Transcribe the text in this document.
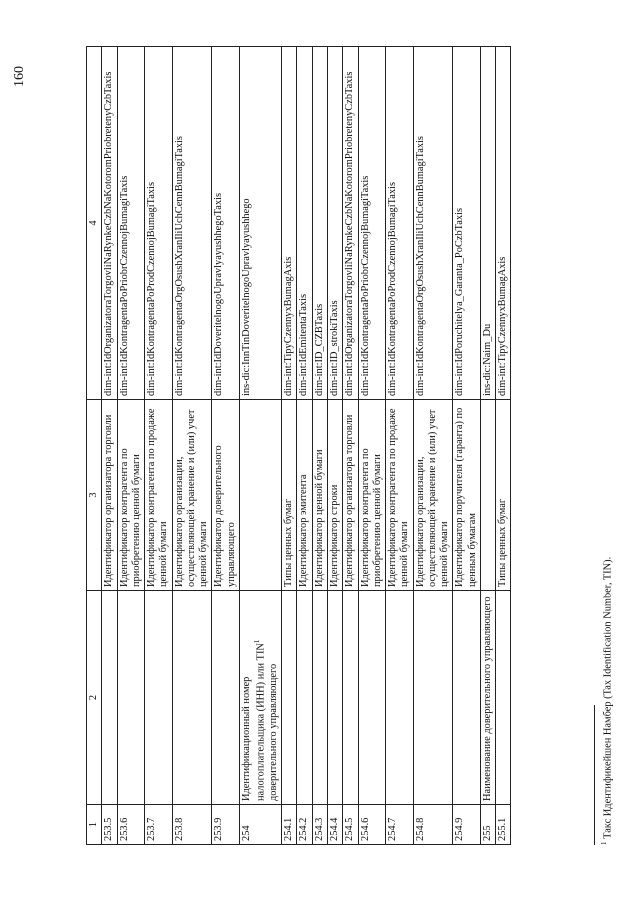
160
1	2	3	4
253.5		Идентификатор организатора торговли	dim-int:IdOrganizatoraTorgovliNaRynkeCzbNaKotoromPriobretenyCzbTaxis
253.6		Идентификатор контрагента по приобретению ценной бумаги	dim-int:IdKontragentaPoPriobrCzennojBumagiTaxis
253.7		Идентификатор контрагента по продаже ценной бумаги	dim-int:IdKontragentaPoProdCzennojBumagiTaxis
253.8		Идентификатор организации, осуществляющей хранение и (или) учет ценной бумаги	dim-int:IdKontragentaOrgOsushXranIliUchCennBumagiTaxis
253.9		Идентификатор доверительного управляющего	dim-int:IdDoveritelnogoUpravlyayushhegoTaxis
254	Идентификационный номер налогоплательщика (ИНН) или TIN$^1$ доверительного управляющего		ins-dic:InnTinDoveritelnogoUpravlyayushhego
254.1		Типы ценных бумаг	dim-int:TipyCzennyxBumagAxis
254.2		Идентификатор эмитента	dim-int:IdEmitentaTaxis
254.3		Идентификатор ценной бумаги	dim-int:ID_CZBTaxis
254.4		Идентификатор строки	dim-int:ID_strokiTaxis
254.5		Идентификатор организатора торговли	dim-int:IdOrganizatoraTorgovliNaRynkeCzbNaKotoromPriobretenyCzbTaxis
254.6		Идентификатор контрагента по приобретению ценной бумаги	dim-int:IdKontragentaPoPriobrCzennojBumagiTaxis
254.7		Идентификатор контрагента по продаже ценной бумаги	dim-int:IdKontragentaPoProdCzennojBumagiTaxis
254.8		Идентификатор организации, осуществляющей хранение и (или) учет ценной бумаги	dim-int:IdKontragentaOrgOsushXranIliUchCennBumagiTaxis
254.9		Идентификатор поручителя (гаранта) по ценным бумагам	dim-int:IdPoruchitelya_Garanta_PoCzbTaxis
255	Наименование доверительного управляющего		ins-dic:Naim_Du
255.1		Типы ценных бумаг	dim-int:TipyCzennyxBumagAxis
$^1$ Такс Идентификейшен Намбер (Tax Identification Number, TIN).
